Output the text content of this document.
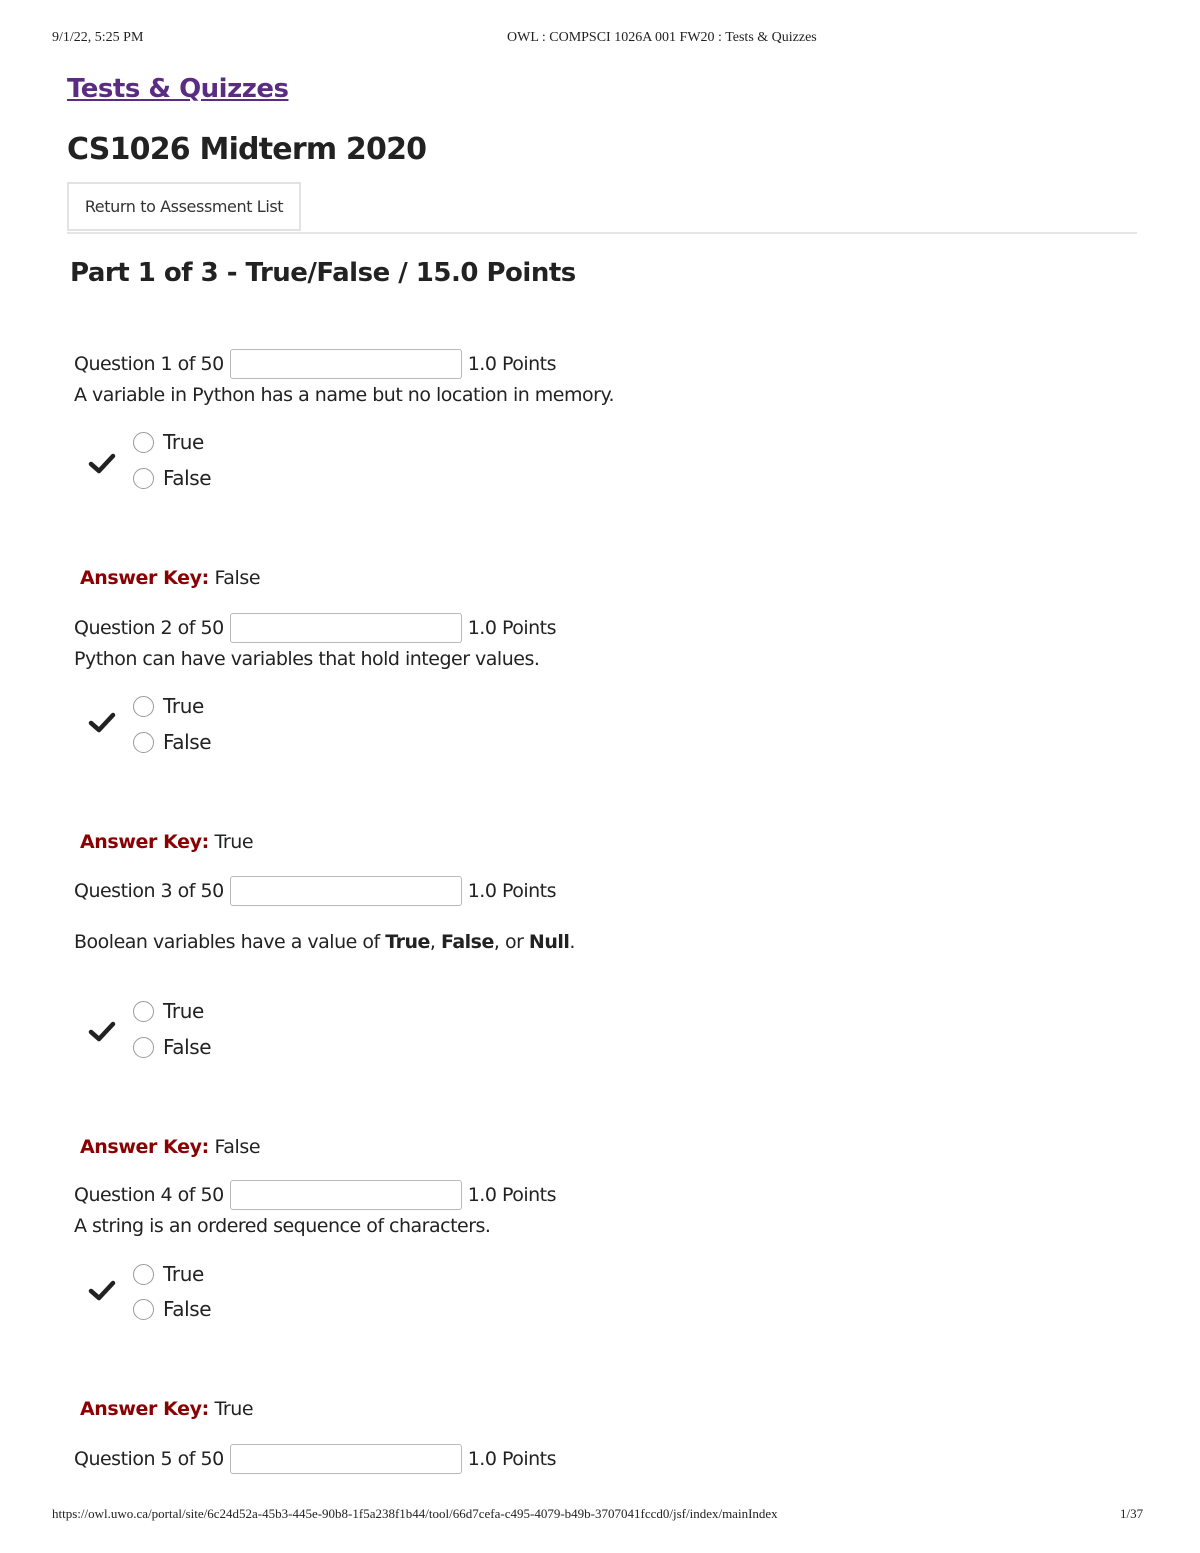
9/1/22, 5:25 PM	OWL : COMPSCI 1026A 001 FW20 : Tests & Quizzes
Tests & Quizzes
CS1026 Midterm 2020
Return to Assessment List
Part 1 of 3 - True/False / 15.0 Points
Question 1 of 50	1.0 Points
A variable in Python has a name but no location in memory.
True
False
Answer Key: False
Question 2 of 50	1.0 Points
Python can have variables that hold integer values.
True
False
Answer Key: True
Question 3 of 50	1.0 Points
Boolean variables have a value of True, False, or Null.
True
False
Answer Key: False
Question 4 of 50	1.0 Points
A string is an ordered sequence of characters.
True
False
Answer Key: True
Question 5 of 50	1.0 Points
https://owl.uwo.ca/portal/site/6c24d52a-45b3-445e-90b8-1f5a238f1b44/tool/66d7cefa-c495-4079-b49b-3707041fccd0/jsf/index/mainIndex	1/37
